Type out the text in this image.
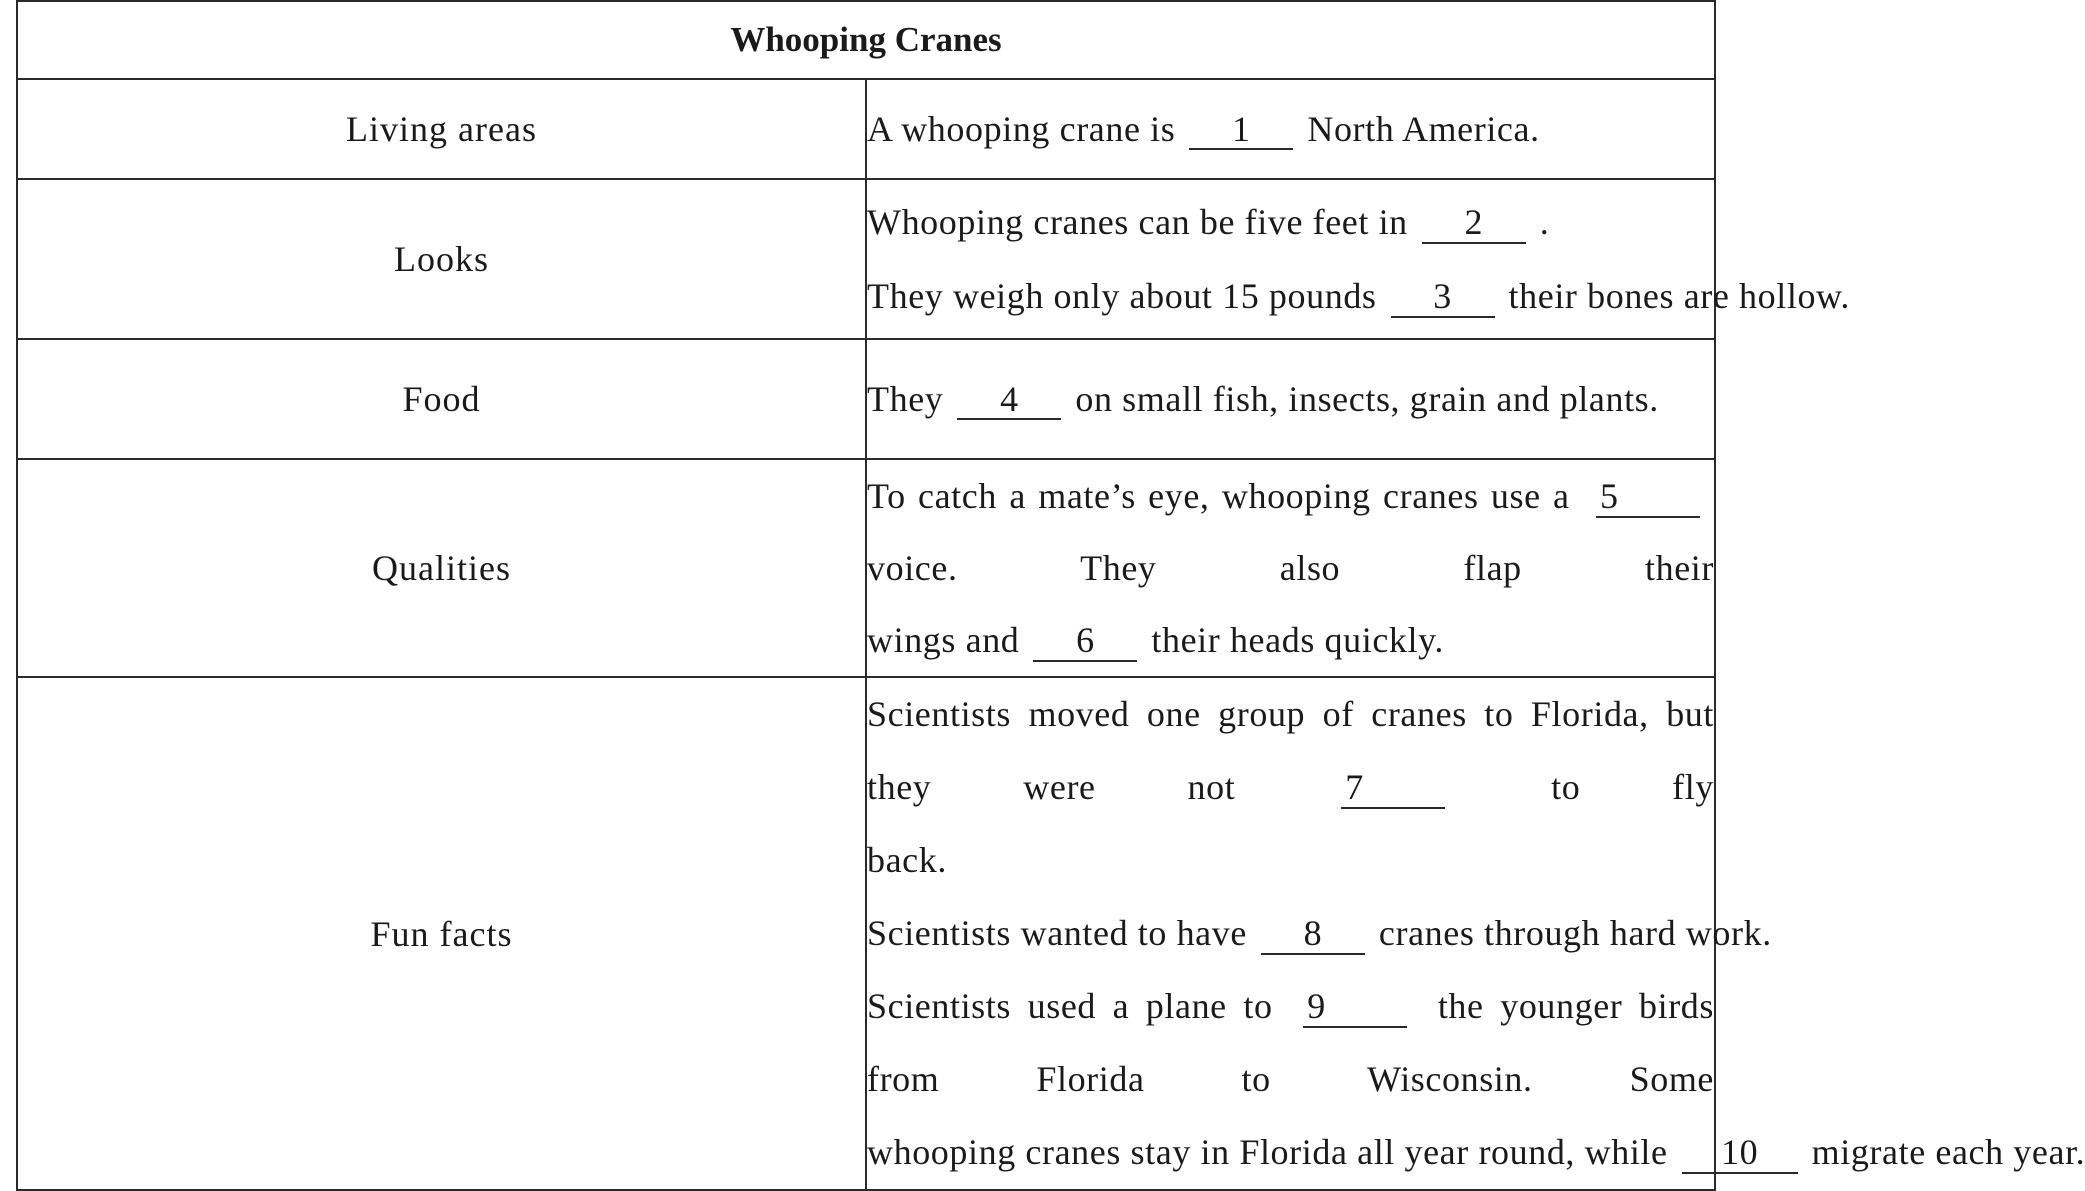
Whooping Cranes	
Living areas	A whooping crane is 1 North America.

Looks	Whooping cranes can be five feet in 2 .
They weigh only about 15 pounds 3 their bones are hollow.

Food	They 4 on small fish, insects, grain and plants.

Qualities	To catch a mate’s eye, whooping cranes use a 5 voice. They also flap their
wings and 6 their heads quickly.

Fun facts	Scientists moved one group of cranes to Florida, but they were not 7 to fly
back.
Scientists wanted to have 8 cranes through hard work.
Scientists used a plane to 9 the younger birds from Florida to Wisconsin. Some
whooping cranes stay in Florida all year round, while 10 migrate each year.
